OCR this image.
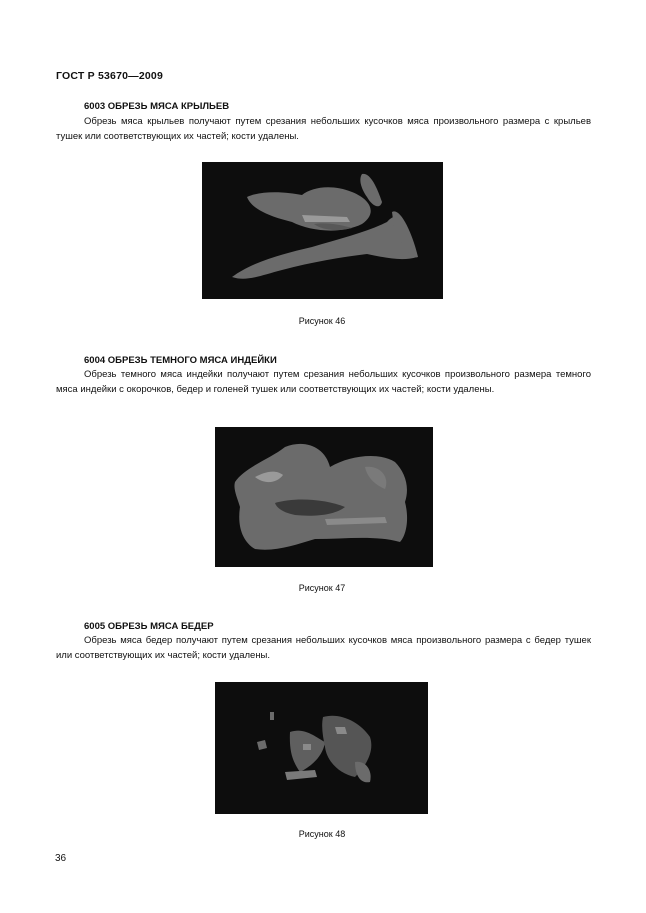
ГОСТ Р 53670—2009
6003 ОБРЕЗЬ МЯСА КРЫЛЬЕВ
Обрезь мяса крыльев получают путем срезания небольших кусочков мяса произвольного размера с крыльев тушек или соответствующих их частей; кости удалены.
Рисунок 46
6004 ОБРЕЗЬ ТЕМНОГО МЯСА ИНДЕЙКИ
Обрезь темного мяса индейки получают путем срезания небольших кусочков произвольного размера темного мяса индейки с окорочков, бедер и голеней тушек или соответствующих их частей; кости удалены.
Рисунок 47
6005 ОБРЕЗЬ МЯСА БЕДЕР
Обрезь мяса бедер получают путем срезания небольших кусочков мяса произвольного размера с бедер тушек или соответствующих их частей; кости удалены.
Рисунок 48
36
